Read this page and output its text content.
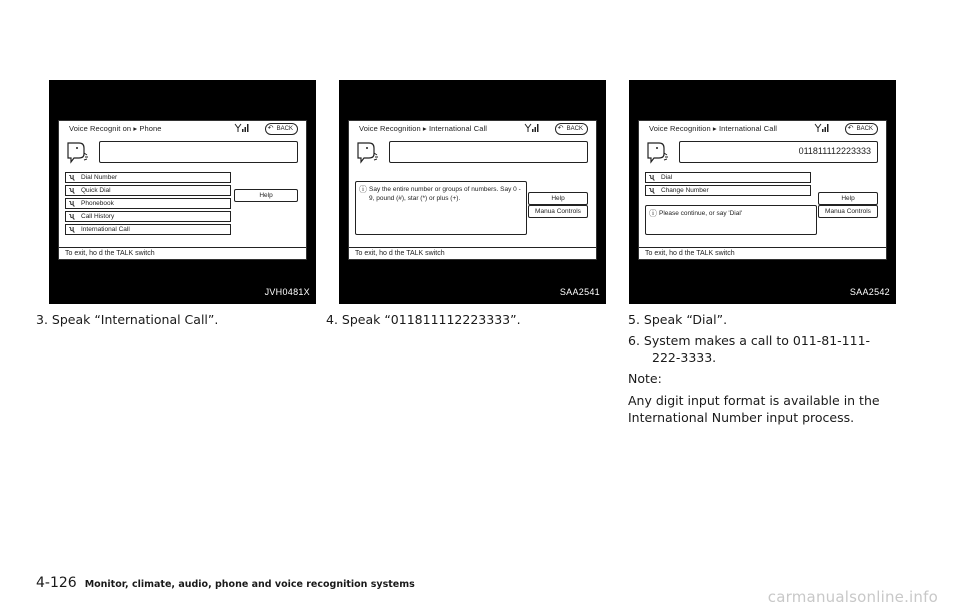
Voice Recognit on ▸ Phone	↶ BACK
ʯ Dial Number
ʯ Quick Dial
ʯ Phonebook
ʯ Call History
ʯ International Call
Help
To exit, ho d the TALK switch
JVH0481X
Voice Recognition ▸ International Call	↶ BACK
ⓘ Say the entire number or groups of numbers. Say 0 - 9, pound (#), star (*) or plus (+).	Help
Manua Controls
To exit, ho d the TALK switch
SAA2541
Voice Recognition ▸ International Call	↶ BACK
011811112223333
ʯ Dial
ʯ Change Number
ⓘ Please continue, or say 'Dial'
Help
Manua Controls
To exit, ho d the TALK switch
SAA2542
3. Speak “International Call”.	4. Speak “011811112223333”.	5. Speak “Dial”.
6. System makes a call to 011-81-111-
222-3333.
Note:
Any digit input format is available in the International Number input process.
4-126 Monitor, climate, audio, phone and voice recognition systems
carmanualsonline.info
